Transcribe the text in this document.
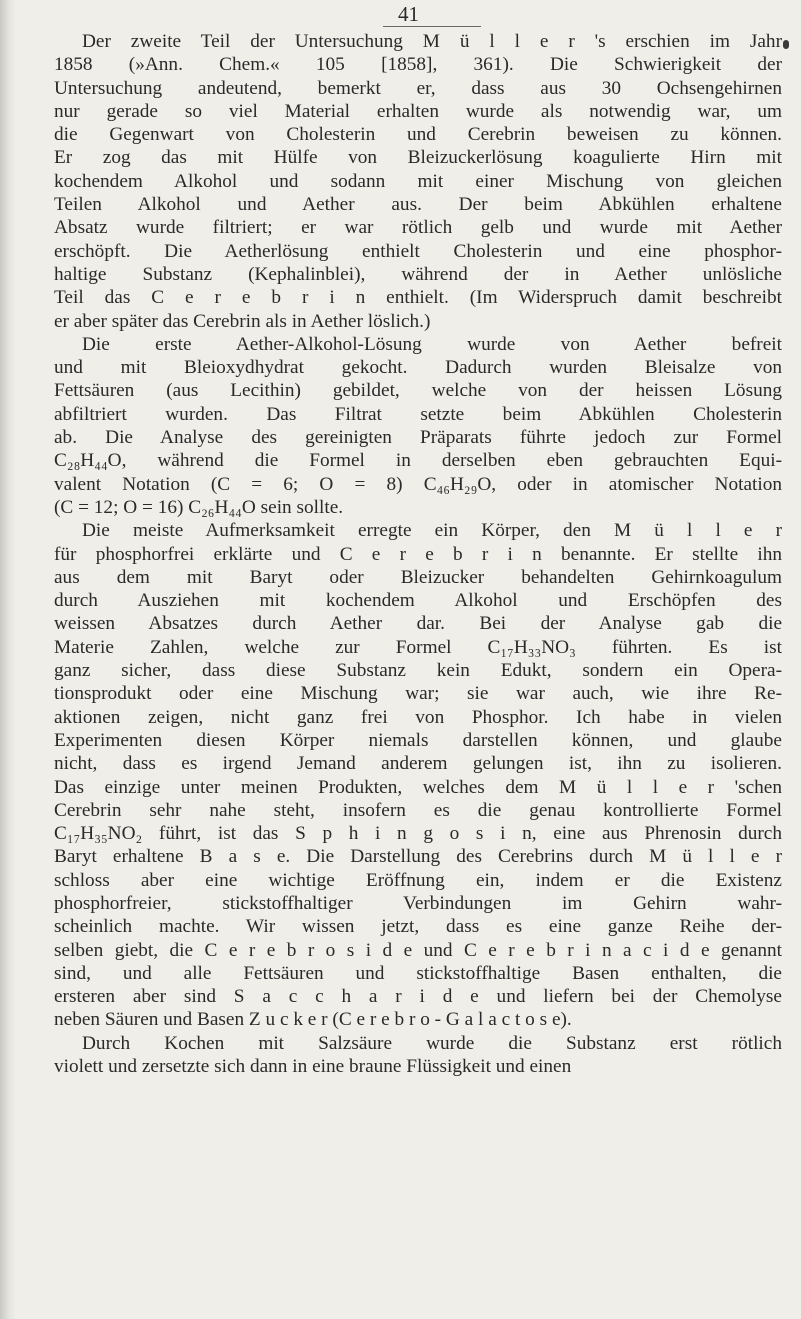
41
Der zweite Teil der Untersuchung M ü l l e r 's erschien im Jahr
1858 (»Ann. Chem.« 105 [1858], 361). Die Schwierigkeit der
Untersuchung andeutend, bemerkt er, dass aus 30 Ochsengehirnen
nur gerade so viel Material erhalten wurde als notwendig war, um
die Gegenwart von Cholesterin und Cerebrin beweisen zu können.
Er zog das mit Hülfe von Bleizuckerlösung koagulierte Hirn mit
kochendem Alkohol und sodann mit einer Mischung von gleichen
Teilen Alkohol und Aether aus. Der beim Abkühlen erhaltene
Absatz wurde filtriert; er war rötlich gelb und wurde mit Aether
erschöpft. Die Aetherlösung enthielt Cholesterin und eine phosphor-
haltige Substanz (Kephalinblei), während der in Aether unlösliche
Teil das C e r e b r i n enthielt. (Im Widerspruch damit beschreibt
er aber später das Cerebrin als in Aether löslich.)
Die erste Aether-Alkohol-Lösung wurde von Aether befreit
und mit Bleioxydhydrat gekocht. Dadurch wurden Bleisalze von
Fettsäuren (aus Lecithin) gebildet, welche von der heissen Lösung
abfiltriert wurden. Das Filtrat setzte beim Abkühlen Cholesterin
ab. Die Analyse des gereinigten Präparats führte jedoch zur Formel
C₂₈H₄₄O, während die Formel in derselben eben gebrauchten Equi-
valent Notation (C = 6; O = 8) C₄₆H₂₉O, oder in atomischer Notation
(C = 12; O = 16) C₂₆H₄₄O sein sollte.
Die meiste Aufmerksamkeit erregte ein Körper, den M ü l l e r
für phosphorfrei erklärte und C e r e b r i n benannte. Er stellte ihn
aus dem mit Baryt oder Bleizucker behandelten Gehirnkoagulum
durch Ausziehen mit kochendem Alkohol und Erschöpfen des
weissen Absatzes durch Aether dar. Bei der Analyse gab die
Materie Zahlen, welche zur Formel C₁₇H₃₃NO₃ führten. Es ist
ganz sicher, dass diese Substanz kein Edukt, sondern ein Opera-
tionsprodukt oder eine Mischung war; sie war auch, wie ihre Re-
aktionen zeigen, nicht ganz frei von Phosphor. Ich habe in vielen
Experimenten diesen Körper niemals darstellen können, und glaube
nicht, dass es irgend Jemand anderem gelungen ist, ihn zu isolieren.
Das einzige unter meinen Produkten, welches dem M ü l l e r 'schen
Cerebrin sehr nahe steht, insofern es die genau kontrollierte Formel
C₁₇H₃₅NO₂ führt, ist das S p h i n g o s i n, eine aus Phrenosin durch
Baryt erhaltene B a s e. Die Darstellung des Cerebrins durch M ü l l e r
schloss aber eine wichtige Eröffnung ein, indem er die Existenz
phosphorfreier, stickstoffhaltiger Verbindungen im Gehirn wahr-
scheinlich machte. Wir wissen jetzt, dass es eine ganze Reihe der-
selben giebt, die C e r e b r o s i d e und C e r e b r i n a c i d e genannt
sind, und alle Fettsäuren und stickstoffhaltige Basen enthalten, die
ersteren aber sind S a c c h a r i d e und liefern bei der Chemolyse
neben Säuren und Basen Z u c k e r (C e r e b r o - G a l a c t o s e).
Durch Kochen mit Salzsäure wurde die Substanz erst rötlich
violett und zersetzte sich dann in eine braune Flüssigkeit und einen
